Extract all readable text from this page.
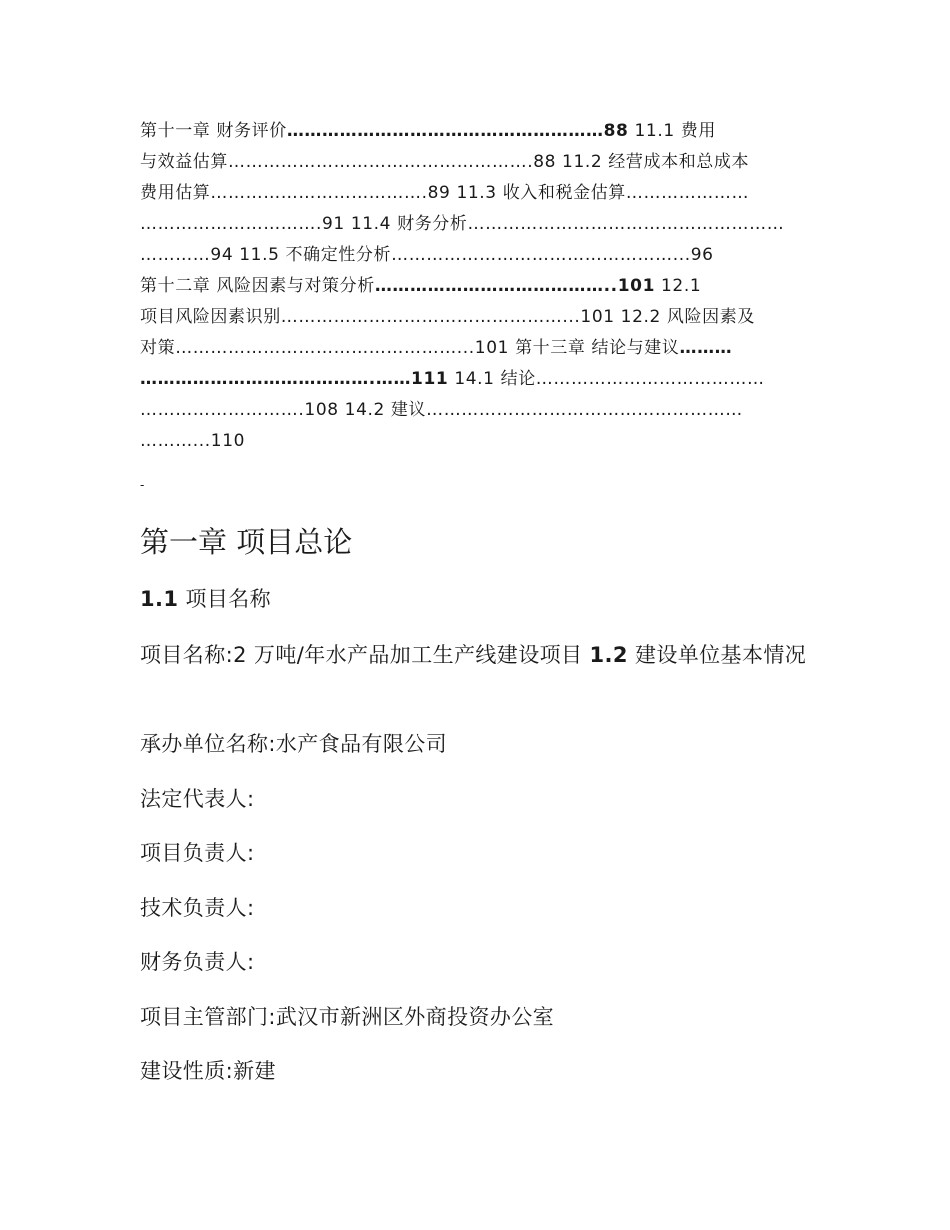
第十一章 财务评价………………………………………………88 11.1 费用
与效益估算…………………………………………….88 11.2 经营成本和总成本
费用估算……………………………….89 11.3 收入和税金估算…………………
………………………….91 11.4 财务分析………………………………………………
…………94 11.5 不确定性分析…………………………………………...96
第十二章 风险因素与对策分析…………………………………..101 12.1
项目风险因素识别…………………………………………...101 12.2 风险因素及
对策…………………………………………...101 第十三章 结论与建议………
………………………………….……111 14.1 结论…………………………………
……………………….108 14.2 建议………………………………………………
………...110
-
第一章 项目总论

1.1 项目名称

项目名称:2 万吨/年水产品加工生产线建设项目 1.2 建设单位基本情况

承办单位名称:水产食品有限公司

法定代表人:

项目负责人:

技术负责人:

财务负责人:

项目主管部门:武汉市新洲区外商投资办公室

建设性质:新建
